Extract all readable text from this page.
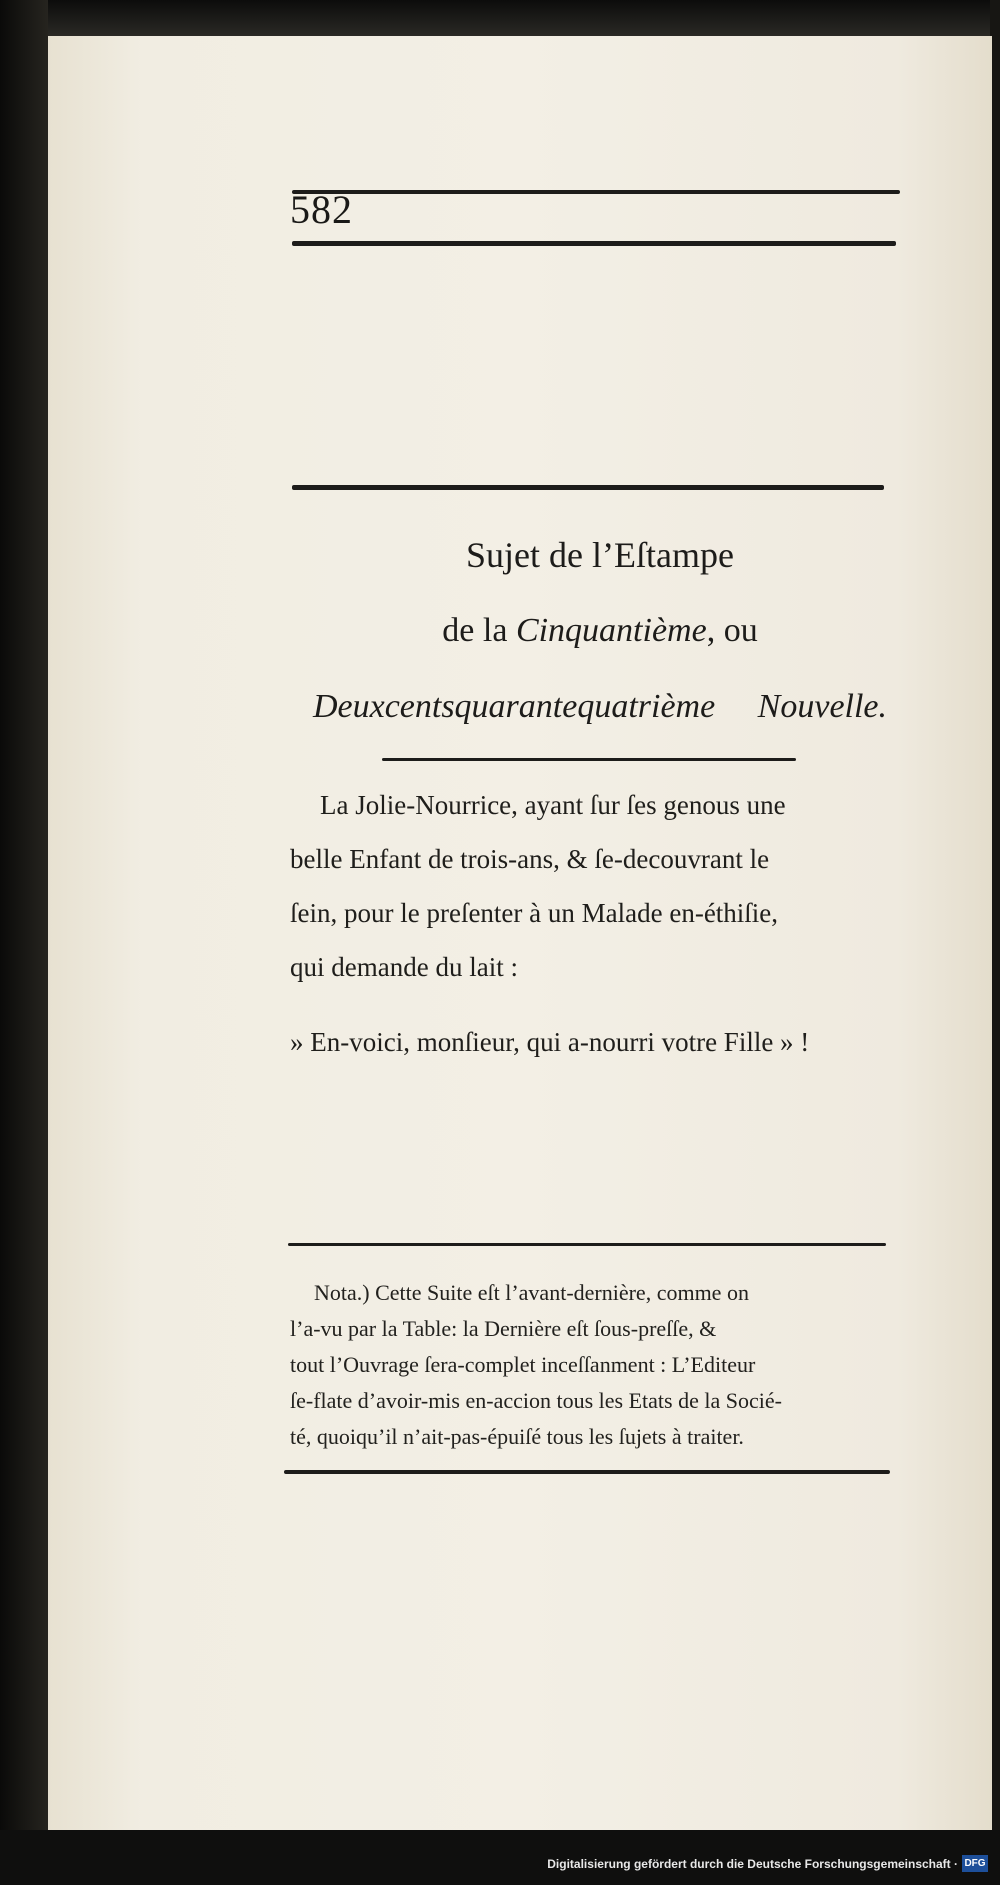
582
Sujet de l’Eſtampe
de la Cinquantième, ou
Deuxcentsquarantequatrième Nouvelle.
La Jolie-Nourrice, ayant ſur ſes genous une
belle Enfant de trois-ans, & ſe-decouvrant le
ſein, pour le preſenter à un Malade en-éthiſie,
qui demande du lait :
» En-voici, monſieur, qui a-nourri votre Fille » !
Nota.) Cette Suite eſt l’avant-dernière, comme on
l’a-vu par la Table: la Dernière eſt ſous-preſſe, &
tout l’Ouvrage ſera-complet inceſſanment : L’Editeur
ſe-flate d’avoir-mis en-accion tous les Etats de la Socié-
té, quoiqu’il n’ait-pas-épuiſé tous les ſujets à traiter.
Digitalisierung gefördert durch die Deutsche Forschungsgemeinschaft · DFG
